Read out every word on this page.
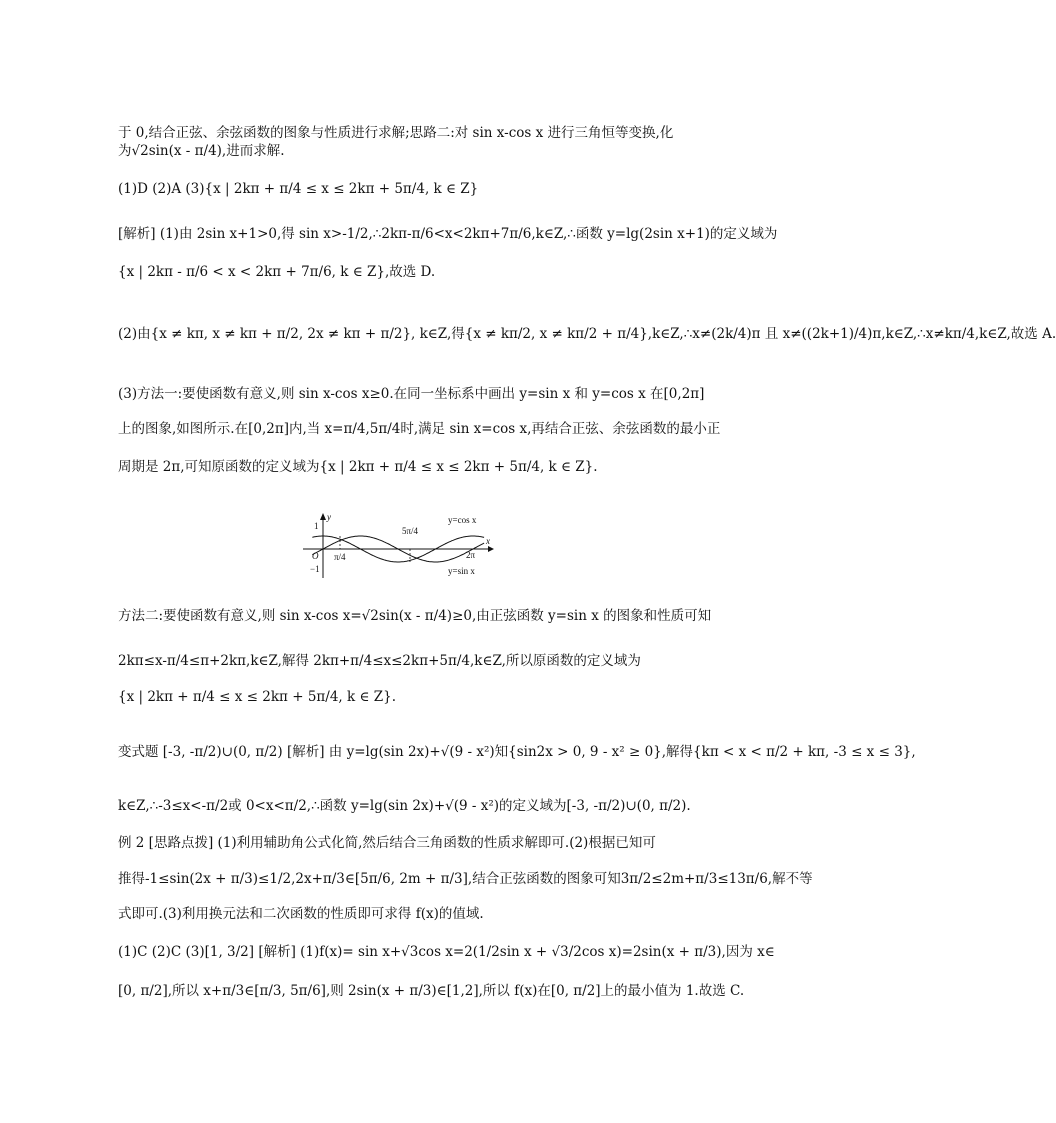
于 0,结合正弦、余弦函数的图象与性质进行求解;思路二:对 sin x-cos x 进行三角恒等变换,化
为√2sin(x - π/4),进而求解.
(1)D (2)A (3){x | 2kπ + π/4 ≤ x ≤ 2kπ + 5π/4, k ∈ Z}
[解析] (1)由 2sin x+1>0,得 sin x>-1/2,∴2kπ-π/6<x<2kπ+7π/6,k∈Z,∴函数 y=lg(2sin x+1)的定义域为
{x | 2kπ - π/6 < x < 2kπ + 7π/6, k ∈ Z},故选 D.
(2)由{x ≠ kπ, x ≠ kπ + π/2, 2x ≠ kπ + π/2}, k∈Z,得{x ≠ kπ/2, x ≠ kπ/2 + π/4},k∈Z,∴x≠(2k/4)π 且 x≠((2k+1)/4)π,k∈Z,∴x≠kπ/4,k∈Z,故选 A.
(3)方法一:要使函数有意义,则 sin x-cos x≥0.在同一坐标系中画出 y=sin x 和 y=cos x 在[0,2π]
上的图象,如图所示.在[0,2π]内,当 x=π/4,5π/4时,满足 sin x=cos x,再结合正弦、余弦函数的最小正
周期是 2π,可知原函数的定义域为{x | 2kπ + π/4 ≤ x ≤ 2kπ + 5π/4, k ∈ Z}.
y
x
O
1
−1
π/4
5π/4
2π
y=cos x
y=sin x
方法二:要使函数有意义,则 sin x-cos x=√2sin(x - π/4)≥0,由正弦函数 y=sin x 的图象和性质可知
2kπ≤x-π/4≤π+2kπ,k∈Z,解得 2kπ+π/4≤x≤2kπ+5π/4,k∈Z,所以原函数的定义域为
{x | 2kπ + π/4 ≤ x ≤ 2kπ + 5π/4, k ∈ Z}.
变式题 [-3, -π/2)∪(0, π/2) [解析] 由 y=lg(sin 2x)+√(9 - x²)知{sin2x > 0, 9 - x² ≥ 0},解得{kπ < x < π/2 + kπ, -3 ≤ x ≤ 3},
k∈Z,∴-3≤x<-π/2或 0<x<π/2,∴函数 y=lg(sin 2x)+√(9 - x²)的定义域为[-3, -π/2)∪(0, π/2).
例 2 [思路点拨] (1)利用辅助角公式化简,然后结合三角函数的性质求解即可.(2)根据已知可
推得-1≤sin(2x + π/3)≤1/2,2x+π/3∈[5π/6, 2m + π/3],结合正弦函数的图象可知3π/2≤2m+π/3≤13π/6,解不等
式即可.(3)利用换元法和二次函数的性质即可求得 f(x)的值域.
(1)C (2)C (3)[1, 3/2] [解析] (1)f(x)= sin x+√3cos x=2(1/2sin x + √3/2cos x)=2sin(x + π/3),因为 x∈
[0, π/2],所以 x+π/3∈[π/3, 5π/6],则 2sin(x + π/3)∈[1,2],所以 f(x)在[0, π/2]上的最小值为 1.故选 C.
